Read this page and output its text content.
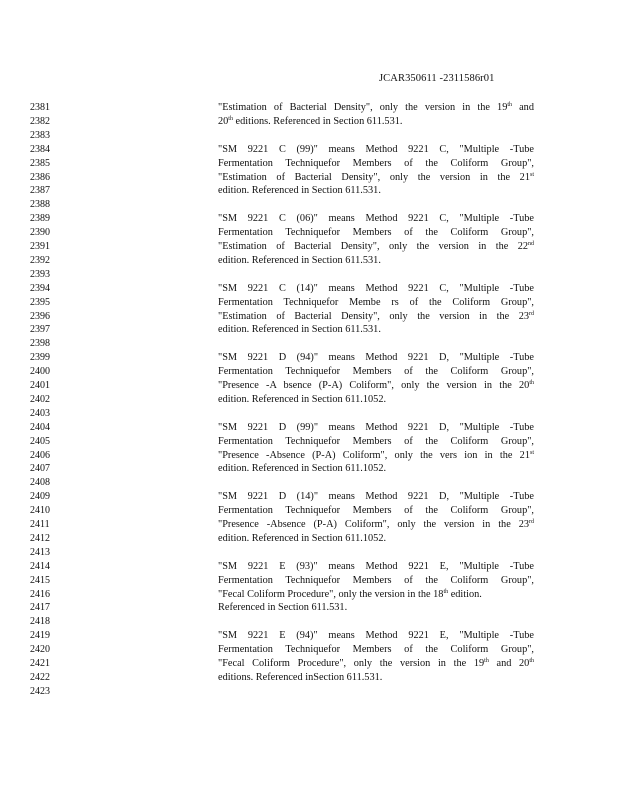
JCAR350611 -2311586r01
2381	"Estimation of Bacterial Density", only the version in the 19th and
2382	20th editions. Referenced in Section 611.531.
2383
2384	"SM 9221 C (99)" means Method 9221 C, "Multiple -Tube
2385	Fermentation Techniquefor Members of the Coliform Group",
2386	"Estimation of Bacterial Density", only the version in the 21st
2387	edition. Referenced in Section 611.531.
2388
2389	"SM 9221 C (06)" means Method 9221 C, "Multiple -Tube
2390	Fermentation Techniquefor Members of the Coliform Group",
2391	"Estimation of Bacterial Density", only the version in the 22nd
2392	edition. Referenced in Section 611.531.
2393
2394	"SM 9221 C (14)" means Method 9221 C, "Multiple -Tube
2395	Fermentation Techniquefor Membe rs of the Coliform Group",
2396	"Estimation of Bacterial Density", only the version in the 23rd
2397	edition. Referenced in Section 611.531.
2398
2399	"SM 9221 D (94)" means Method 9221 D, "Multiple -Tube
2400	Fermentation Techniquefor Members of the Coliform Group",
2401	"Presence -A bsence (P-A) Coliform", only the version in the 20th
2402	edition. Referenced in Section 611.1052.
2403
2404	"SM 9221 D (99)" means Method 9221 D, "Multiple -Tube
2405	Fermentation Techniquefor Members of the Coliform Group",
2406	"Presence -Absence (P-A) Coliform", only the vers ion in the 21st
2407	edition. Referenced in Section 611.1052.
2408
2409	"SM 9221 D (14)" means Method 9221 D, "Multiple -Tube
2410	Fermentation Techniquefor Members of the Coliform Group",
2411	"Presence -Absence (P-A) Coliform", only the version in the 23rd
2412	edition. Referenced in Section 611.1052.
2413
2414	"SM 9221 E (93)" means Method 9221 E, "Multiple -Tube
2415	Fermentation Techniquefor Members of the Coliform Group",
2416	"Fecal Coliform Procedure", only the version in the 18th edition.
2417	Referenced in Section 611.531.
2418
2419	"SM 9221 E (94)" means Method 9221 E, "Multiple -Tube
2420	Fermentation Techniquefor Members of the Coliform Group",
2421	"Fecal Coliform Procedure", only the version in the 19th and 20th
2422	editions. Referenced inSection 611.531.
2423
